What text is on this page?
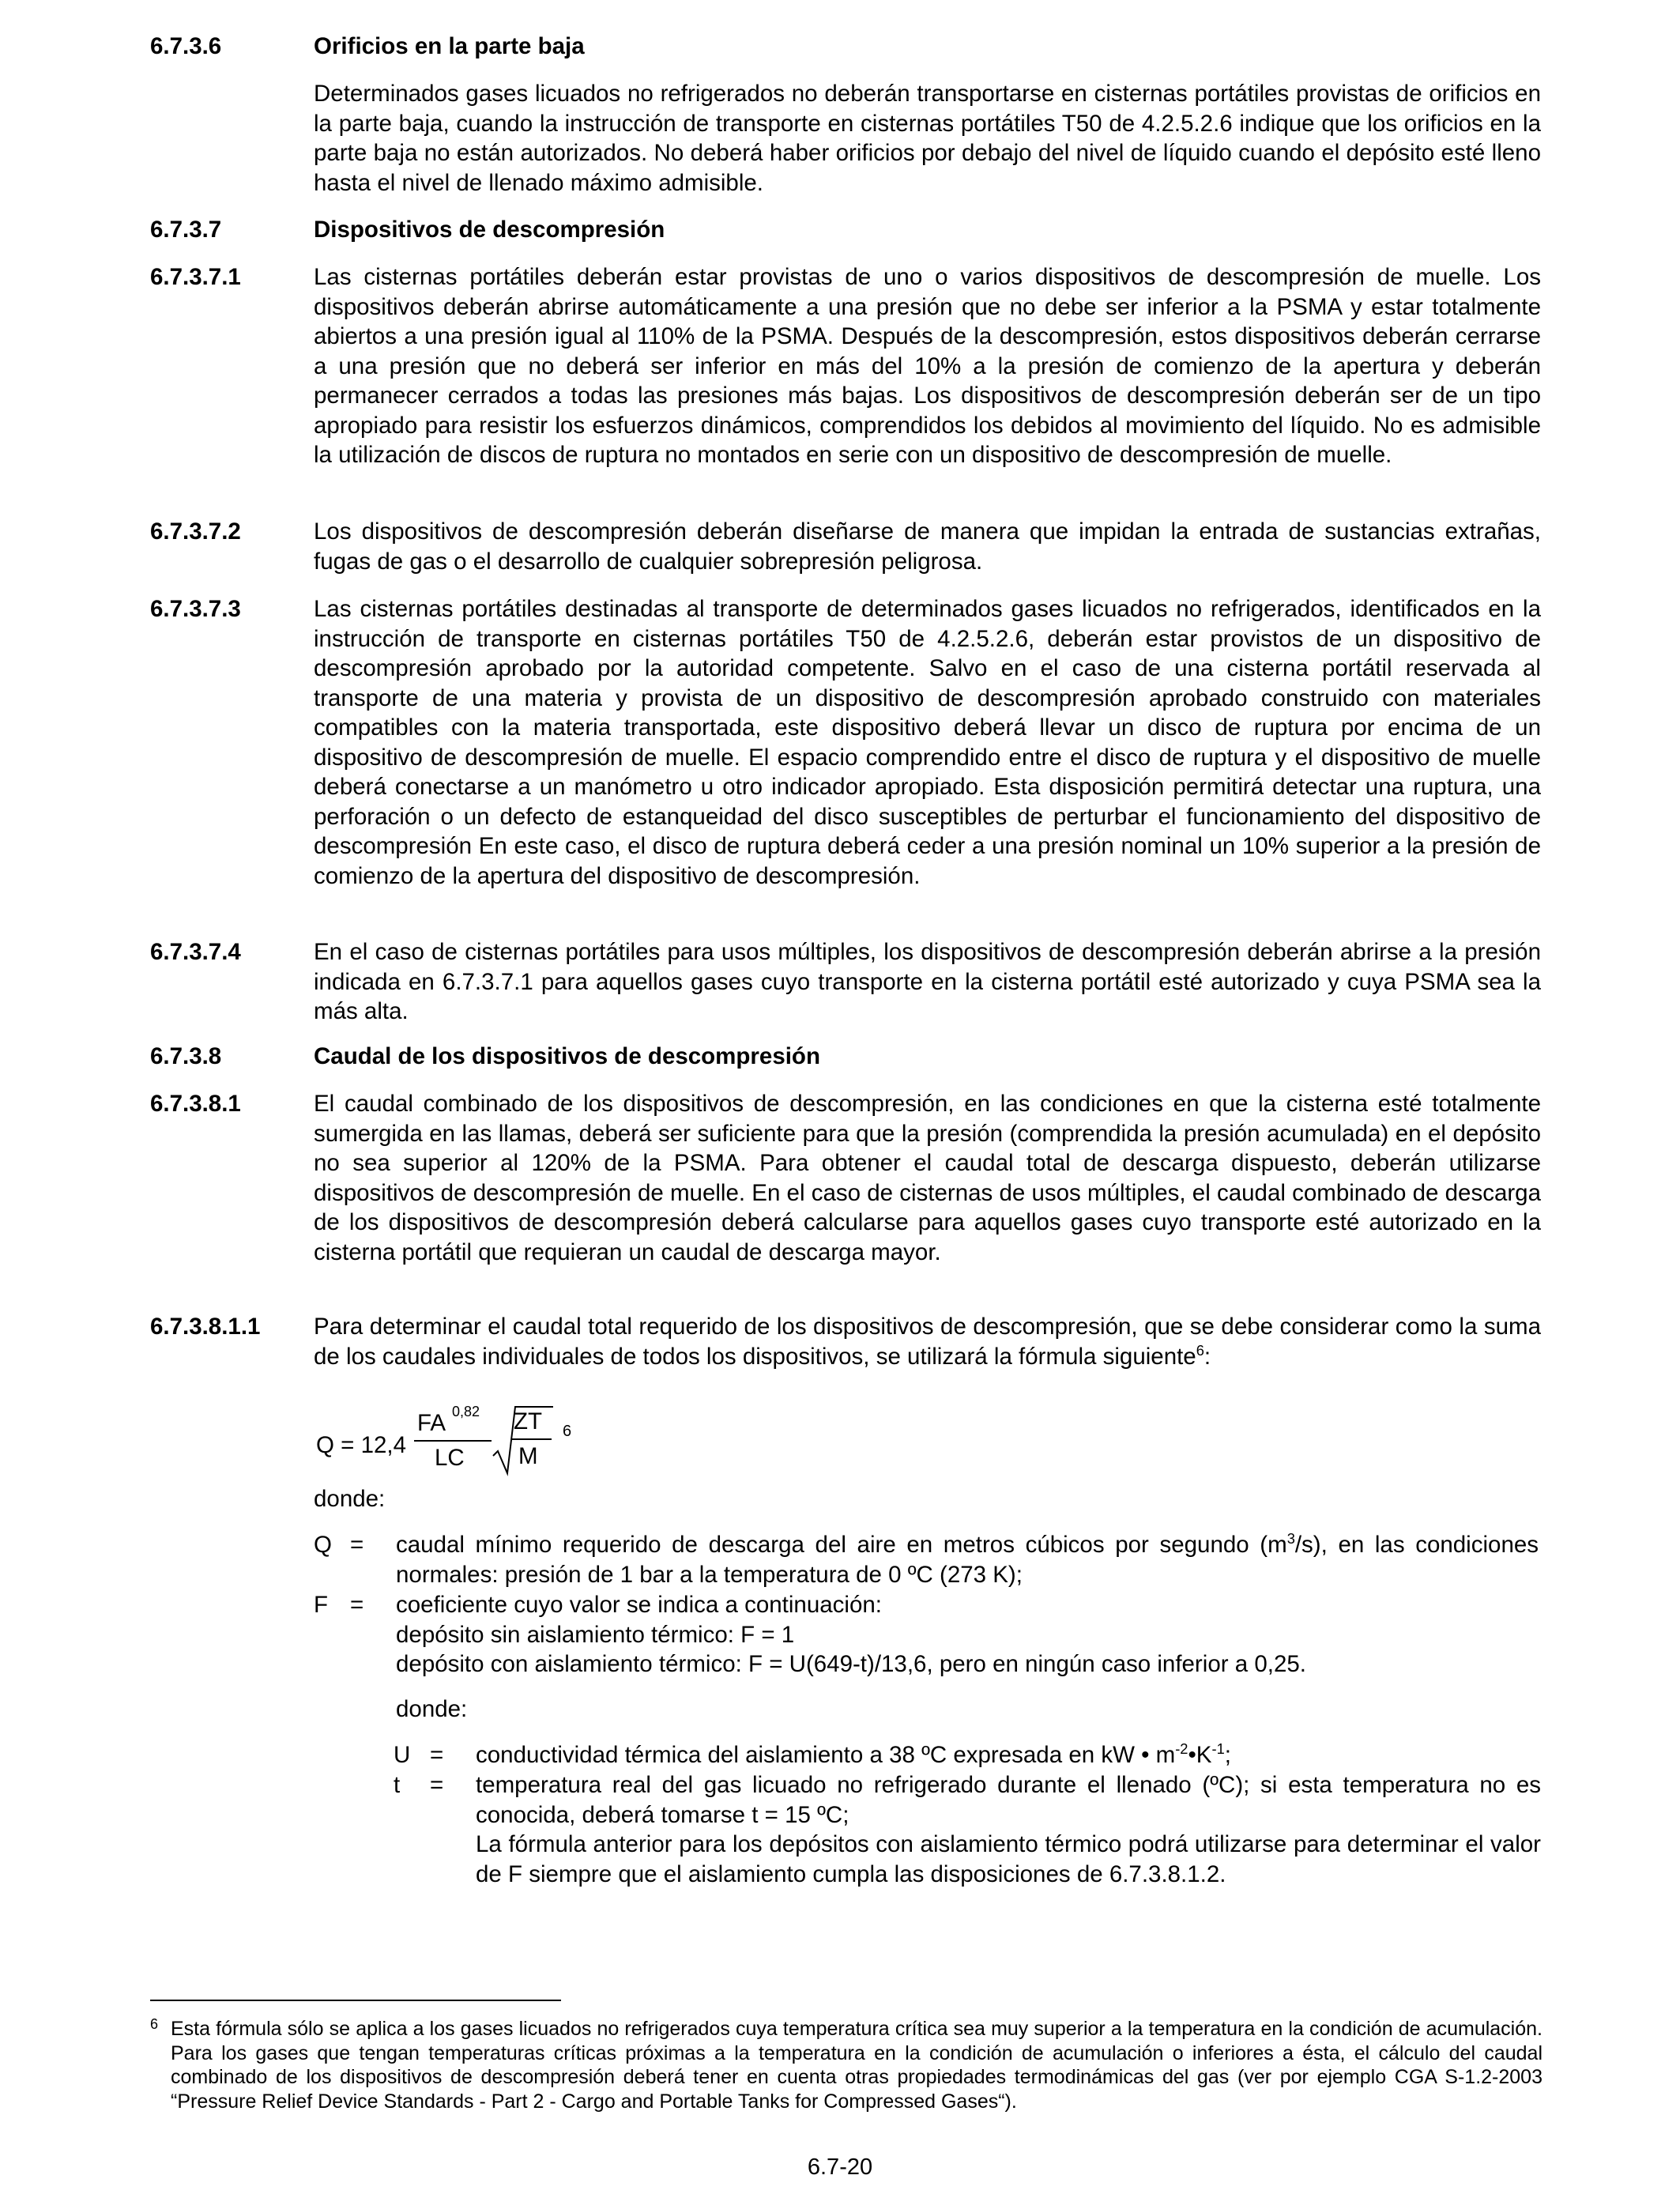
6.7.3.6	Orificios en la parte baja
Determinados gases licuados no refrigerados no deberán transportarse en cisternas portátiles provistas de orificios en la parte baja, cuando la instrucción de transporte en cisternas portátiles T50 de 4.2.5.2.6 indique que los orificios en la parte baja no están autorizados. No deberá haber orificios por debajo del nivel de líquido cuando el depósito esté lleno hasta el nivel de llenado máximo admisible.
6.7.3.7	Dispositivos de descompresión
6.7.3.7.1	Las cisternas portátiles deberán estar provistas de uno o varios dispositivos de descompresión de muelle. Los dispositivos deberán abrirse automáticamente a una presión que no debe ser inferior a la PSMA y estar totalmente abiertos a una presión igual al 110% de la PSMA. Después de la descompresión, estos dispositivos deberán cerrarse a una presión que no deberá ser inferior en más del 10% a la presión de comienzo de la apertura y deberán permanecer cerrados a todas las presiones más bajas. Los dispositivos de descompresión deberán ser de un tipo apropiado para resistir los esfuerzos dinámicos, comprendidos los debidos al movimiento del líquido. No es admisible la utilización de discos de ruptura no montados en serie con un dispositivo de descompresión de muelle.
6.7.3.7.2	Los dispositivos de descompresión deberán diseñarse de manera que impidan la entrada de sustancias extrañas, fugas de gas o el desarrollo de cualquier sobrepresión peligrosa.
6.7.3.7.3	Las cisternas portátiles destinadas al transporte de determinados gases licuados no refrigerados, identificados en la instrucción de transporte en cisternas portátiles T50 de 4.2.5.2.6, deberán estar provistos de un dispositivo de descompresión aprobado por la autoridad competente. Salvo en el caso de una cisterna portátil reservada al transporte de una materia y provista de un dispositivo de descompresión aprobado construido con materiales compatibles con la materia transportada, este dispositivo deberá llevar un disco de ruptura por encima de un dispositivo de descompresión de muelle. El espacio comprendido entre el disco de ruptura y el dispositivo de muelle deberá conectarse a un manómetro u otro indicador apropiado. Esta disposición permitirá detectar una ruptura, una perforación o un defecto de estanqueidad del disco susceptibles de perturbar el funcionamiento del dispositivo de descompresión En este caso, el disco de ruptura deberá ceder a una presión nominal un 10% superior a la presión de comienzo de la apertura del dispositivo de descompresión.
6.7.3.7.4	En el caso de cisternas portátiles para usos múltiples, los dispositivos de descompresión deberán abrirse a la presión indicada en 6.7.3.7.1 para aquellos gases cuyo transporte en la cisterna portátil esté autorizado y cuya PSMA sea la más alta.
6.7.3.8	Caudal de los dispositivos de descompresión
6.7.3.8.1	El caudal combinado de los dispositivos de descompresión, en las condiciones en que la cisterna esté totalmente sumergida en las llamas, deberá ser suficiente para que la presión (comprendida la presión acumulada) en el depósito no sea superior al 120% de la PSMA. Para obtener el caudal total de descarga dispuesto, deberán utilizarse dispositivos de descompresión de muelle. En el caso de cisternas de usos múltiples, el caudal combinado de descarga de los dispositivos de descompresión deberá calcularse para aquellos gases cuyo transporte esté autorizado en la cisterna portátil que requieran un caudal de descarga mayor.
6.7.3.8.1.1 Para determinar el caudal total requerido de los dispositivos de descompresión, que se debe considerar como la suma de los caudales individuales de todos los dispositivos, se utilizará la fórmula siguiente$^6$:
Q = 12,4
FA 0,82
LC
ZT
M
6
donde:
Q = caudal mínimo requerido de descarga del aire en metros cúbicos por segundo $(m^3/s)$, en las condiciones normales: presión de 1 bar a la temperatura de 0 ºC (273 K);
F = coeficiente cuyo valor se indica a continuación:
depósito sin aislamiento térmico: F = 1
depósito con aislamiento térmico: F = U(649-t)/13,6, pero en ningún caso inferior a 0,25.
donde:
U = conductividad térmica del aislamiento a 38 ºC expresada en kW • $m^{-2}•K^{-1}$;
t = temperatura real del gas licuado no refrigerado durante el llenado (ºC); si esta temperatura no es conocida, deberá tomarse t = 15 ºC;
La fórmula anterior para los depósitos con aislamiento térmico podrá utilizarse para determinar el valor de F siempre que el aislamiento cumpla las disposiciones de 6.7.3.8.1.2.
6 Esta fórmula sólo se aplica a los gases licuados no refrigerados cuya temperatura crítica sea muy superior a la temperatura en la condición de acumulación. Para los gases que tengan temperaturas críticas próximas a la temperatura en la condición de acumulación o inferiores a ésta, el cálculo del caudal combinado de los dispositivos de descompresión deberá tener en cuenta otras propiedades termodinámicas del gas (ver por ejemplo CGA S-1.2-2003 “Pressure Relief Device Standards - Part 2 - Cargo and Portable Tanks for Compressed Gases“).
6.7-20
